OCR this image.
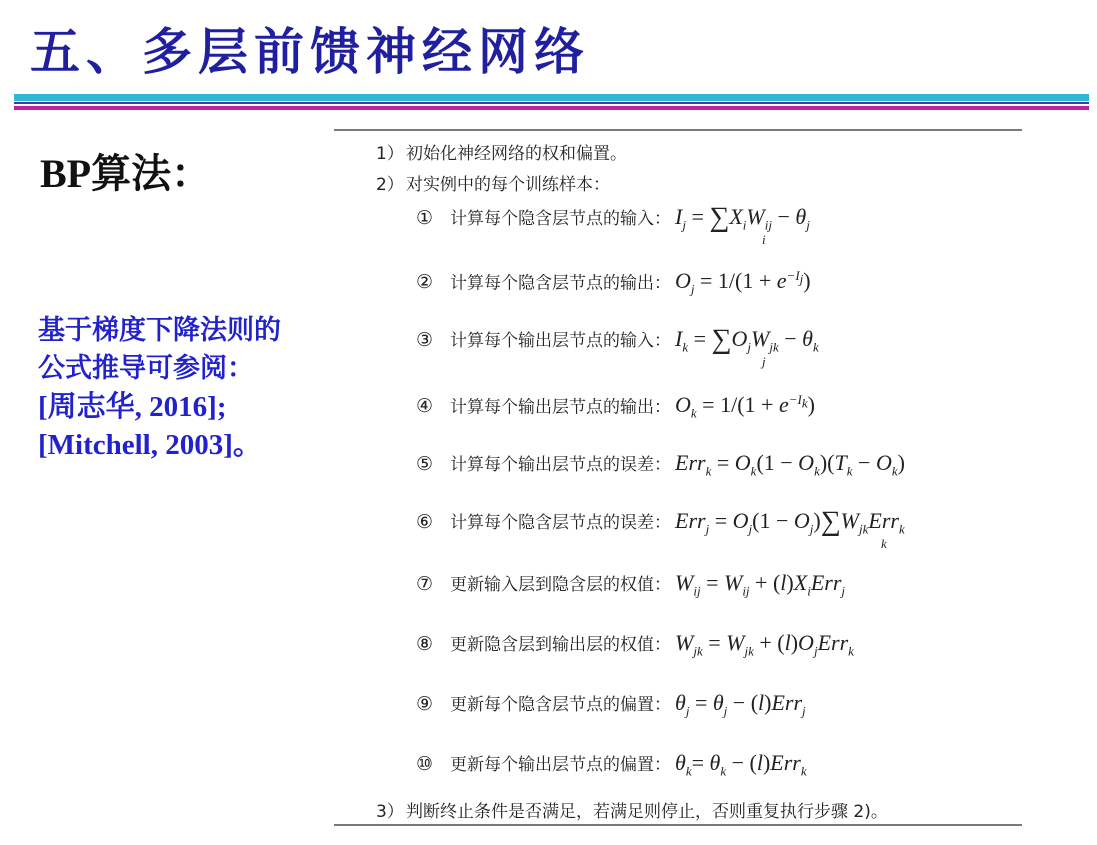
五、多层前馈神经网络
BP算法：
基于梯度下降法则的
公式推导可参阅：
[周志华, 2016];
[Mitchell, 2003]。
1） 初始化神经网络的权和偏置。
2） 对实例中的每个训练样本：
① 计算每个隐含层节点的输入： $I_j = \sum X_iW_{ij} - \theta_j$
i
② 计算每个隐含层节点的输出： $O_j = 1/(1 + e^{-I_j})$
③ 计算每个输出层节点的输入： $I_k = \sum O_jW_{jk} - \theta_k$
j
④ 计算每个输出层节点的输出： $O_k = 1/(1 + e^{-I_k})$
⑤ 计算每个输出层节点的误差： $Err_k = O_k(1 - O_k)(T_k - O_k)$
⑥ 计算每个隐含层节点的误差： $Err_j = O_j(1 - O_j)\sum W_{jk}Err_k$
k
⑦ 更新输入层到隐含层的权值： $W_{ij} = W_{ij} + (l)X_iErr_j$
⑧ 更新隐含层到输出层的权值： $W_{jk} = W_{jk} + (l)O_jErr_k$
⑨ 更新每个隐含层节点的偏置： $\theta_j = \theta_j - (l)Err_j$
⑩ 更新每个输出层节点的偏置： $\theta_k= \theta_k - (l)Err_k$
3） 判断终止条件是否满足，若满足则停止，否则重复执行步骤 2)。
